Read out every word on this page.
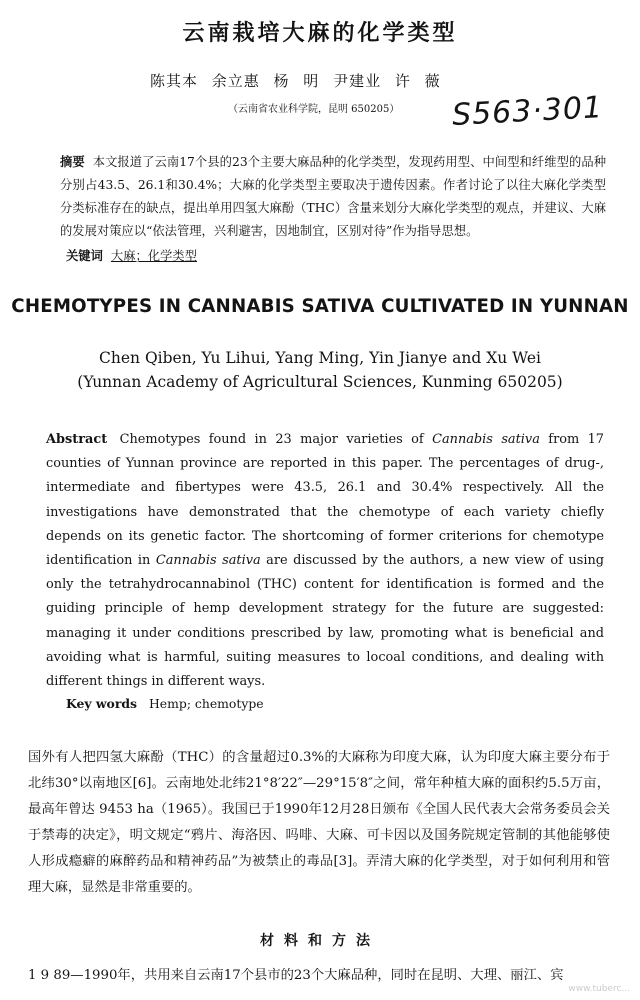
云南栽培大麻的化学类型
陈其本 余立惠 杨 明 尹建业 许 薇
（云南省农业科学院，昆明 650205）	S563·301
摘要 本文报道了云南17个县的23个主要大麻品种的化学类型，发现药用型、中间型和纤维型的品种分别占43.5、26.1和30.4%；大麻的化学类型主要取决于遗传因素。作者讨论了以往大麻化学类型分类标准存在的缺点，提出单用四氢大麻酚（THC）含量来划分大麻化学类型的观点，并建议、大麻的发展对策应以“依法管理，兴利避害，因地制宜，区别对待”作为指导思想。
关键词 大麻；化学类型
CHEMOTYPES IN CANNABIS SATIVA CULTIVATED IN YUNNAN
Chen Qiben, Yu Lihui, Yang Ming, Yin Jianye and Xu Wei
(Yunnan Academy of Agricultural Sciences, Kunming 650205)
Abstract Chemotypes found in 23 major varieties of Cannabis sativa from 17 counties of Yunnan province are reported in this paper. The percentages of drug-, intermediate and fibertypes were 43.5, 26.1 and 30.4% respectively. All the investigations have demonstrated that the chemotype of each variety chiefly depends on its genetic factor. The shortcoming of former criterions for chemotype identification in Cannabis sativa are discussed by the authors, a new view of using only the tetrahydrocannabinol (THC) content for identification is formed and the guiding principle of hemp development strategy for the future are suggested: managing it under conditions prescribed by law, promoting what is beneficial and avoiding what is harmful, suiting measures to locoal conditions, and dealing with different things in different ways.
Key words Hemp; chemotype
国外有人把四氢大麻酚（THC）的含量超过0.3%的大麻称为印度大麻，认为印度大麻主要分布于北纬30°以南地区[6]。云南地处北纬21°8′22″—29°15′8″之间，常年种植大麻的面积约5.5万亩，最高年曾达 9453 ha（1965）。我国已于1990年12月28日颁布《全国人民代表大会常务委员会关于禁毒的决定》，明文规定“鸦片、海洛因、吗啡、大麻、可卡因以及国务院规定管制的其他能够使人形成瘾癖的麻醉药品和精神药品”为被禁止的毒品[3]。弄清大麻的化学类型，对于如何利用和管理大麻，显然是非常重要的。
材料和方法
1 9 89—1990年，共用来自云南17个县市的23个大麻品种，同时在昆明、大理、丽江、宾
www.tuberc...
